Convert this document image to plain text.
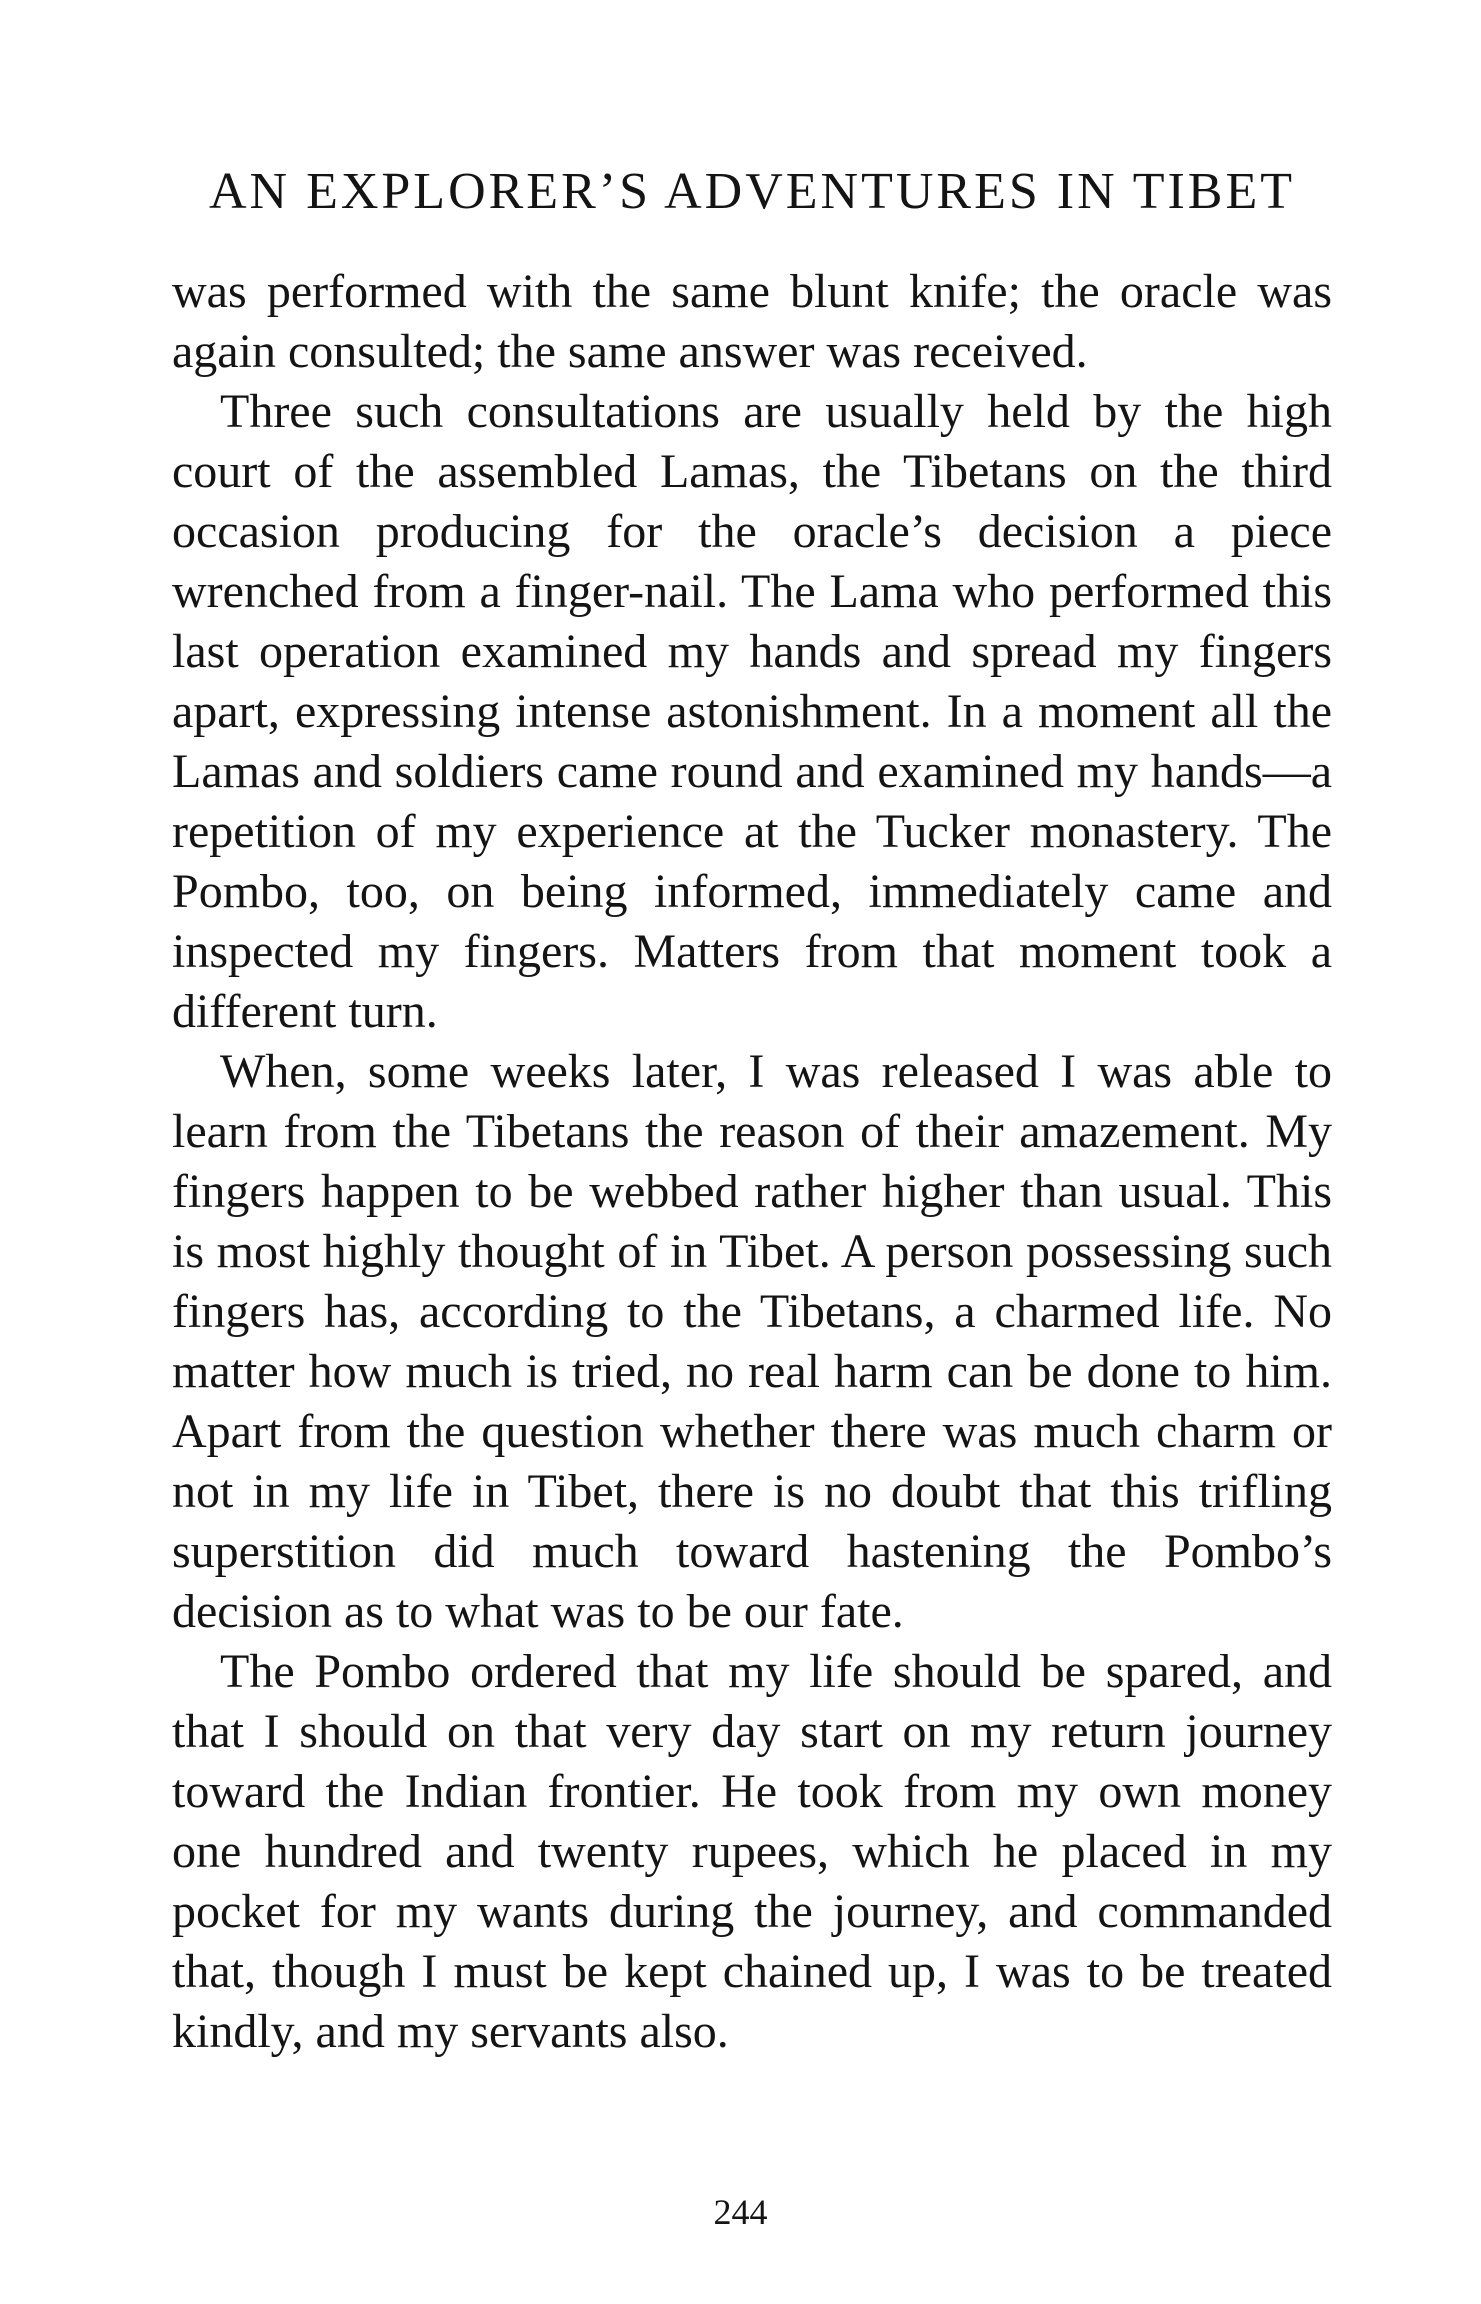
AN EXPLORER’S ADVENTURES IN TIBET

was performed with the same blunt knife; the oracle was again consulted; the same answer was received.

Three such consultations are usually held by the high court of the assembled Lamas, the Tibetans on the third occasion producing for the oracle’s decision a piece wrenched from a finger-nail. The Lama who performed this last operation examined my hands and spread my fingers apart, expressing intense astonishment. In a moment all the Lamas and soldiers came round and examined my hands—a repetition of my experience at the Tucker monastery. The Pombo, too, on being informed, immediately came and inspected my fingers. Matters from that moment took a different turn.

When, some weeks later, I was released I was able to learn from the Tibetans the reason of their amazement. My fingers happen to be webbed rather higher than usual. This is most highly thought of in Tibet. A person possessing such fingers has, according to the Tibetans, a charmed life. No matter how much is tried, no real harm can be done to him. Apart from the question whether there was much charm or not in my life in Tibet, there is no doubt that this trifling superstition did much toward hastening the Pombo’s decision as to what was to be our fate.

The Pombo ordered that my life should be spared, and that I should on that very day start on my return journey toward the Indian frontier. He took from my own money one hundred and twenty rupees, which he placed in my pocket for my wants during the journey, and commanded that, though I must be kept chained up, I was to be treated kindly, and my servants also.

244
